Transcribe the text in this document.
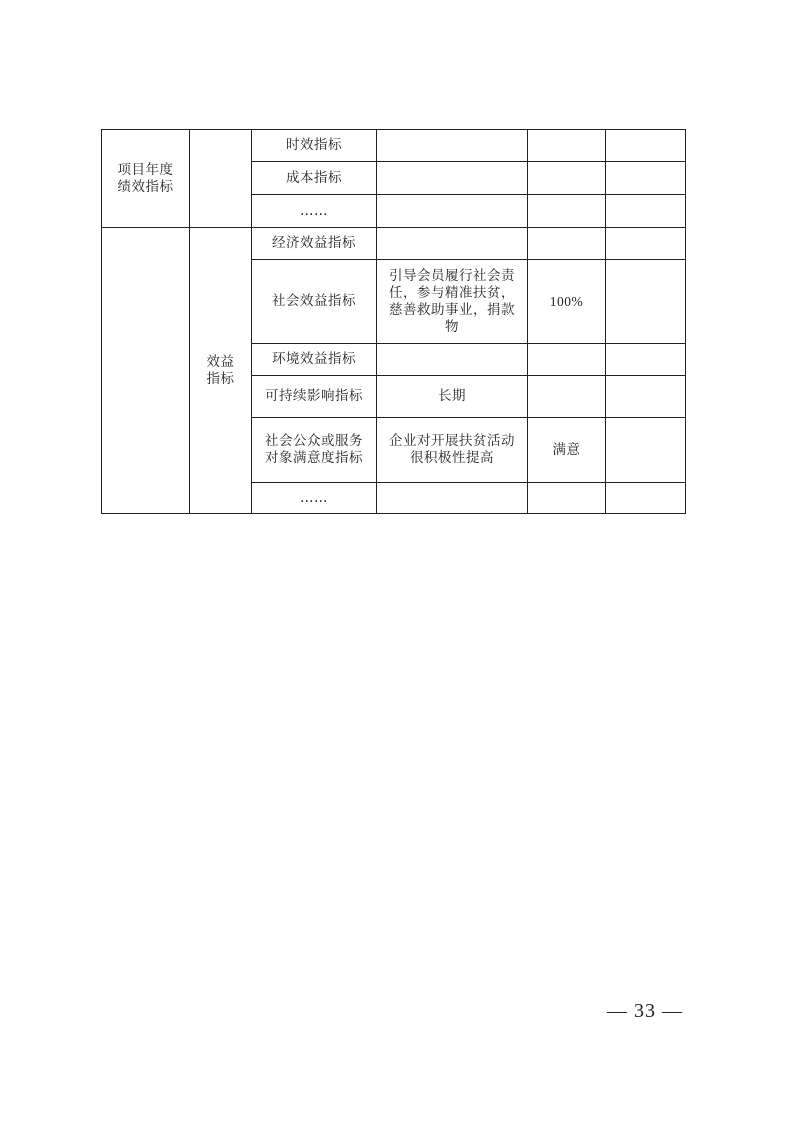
项目年度绩效指标		时效指标			
		成本指标			
		……			
	效益指标	经济效益指标			
		社会效益指标	引导会员履行社会责任，参与精准扶贫，慈善救助事业，捐款物	100%	
		环境效益指标			
		可持续影响指标	长期		
		社会公众或服务对象满意度指标	企业对开展扶贫活动很积极性提高	满意	
		……			
— 33 —
